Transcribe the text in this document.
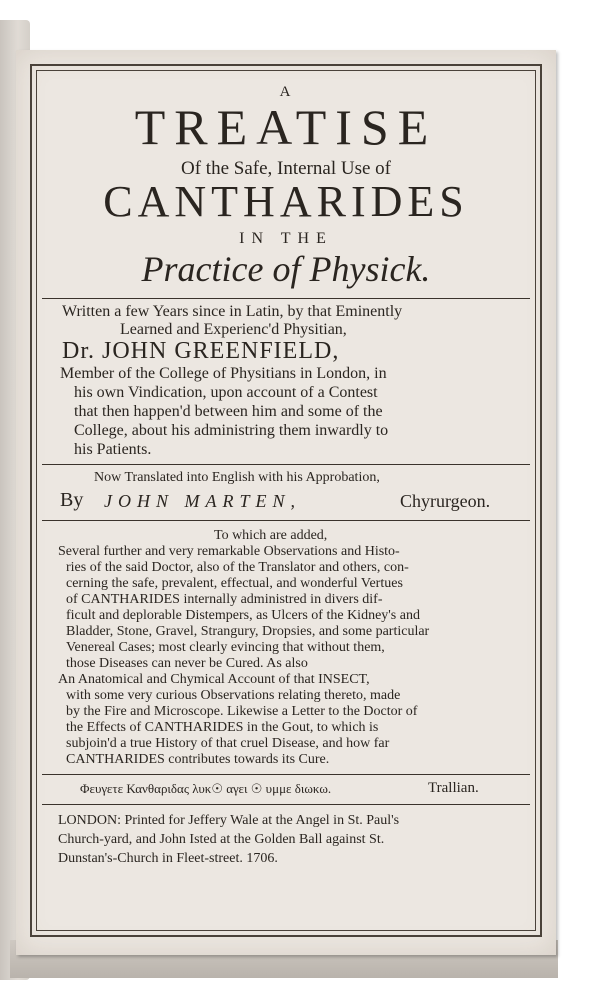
A
TREATISE
Of the Safe, Internal Use of
CANTHARIDES
IN THE
Practice of Physick.
Written a few Years since in Latin, by that Eminently
Learned and Experienc'd Physitian,
Dr. JOHN GREENFIELD,
Member of the College of Physitians in London, in
his own Vindication, upon account of a Contest
that then happen'd between him and some of the
College, about his administring them inwardly to
his Patients.
Now Translated into English with his Approbation,
By JOHN MARTEN,	Chyrurgeon.
To which are added,
Several further and very remarkable Observations and Histo-
ries of the said Doctor, also of the Translator and others, con-
cerning the safe, prevalent, effectual, and wonderful Vertues
of CANTHARIDES internally administred in divers dif-
ficult and deplorable Distempers, as Ulcers of the Kidney's and
Bladder, Stone, Gravel, Strangury, Dropsies, and some particular
Venereal Cases; most clearly evincing that without them,
those Diseases can never be Cured. As also
An Anatomical and Chymical Account of that INSECT,
with some very curious Observations relating thereto, made
by the Fire and Microscope. Likewise a Letter to the Doctor of
the Effects of CANTHARIDES in the Gout, to which is
subjoin'd a true History of that cruel Disease, and how far
CANTHARIDES contributes towards its Cure.
Φευγετε Κανθαριδας λυκ☉ αγει ☉ υμμε διωκω.	Trallian.
LONDON: Printed for Jeffery Wale at the Angel in St. Paul's
Church-yard, and John Isted at the Golden Ball against St.
Dunstan's-Church in Fleet-street. 1706.
